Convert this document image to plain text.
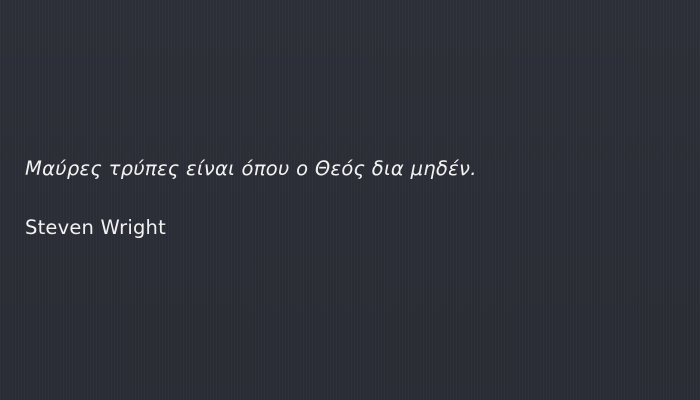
Μαύρες τρύπες είναι όπου ο Θεός δια μηδέν.

Steven Wright
